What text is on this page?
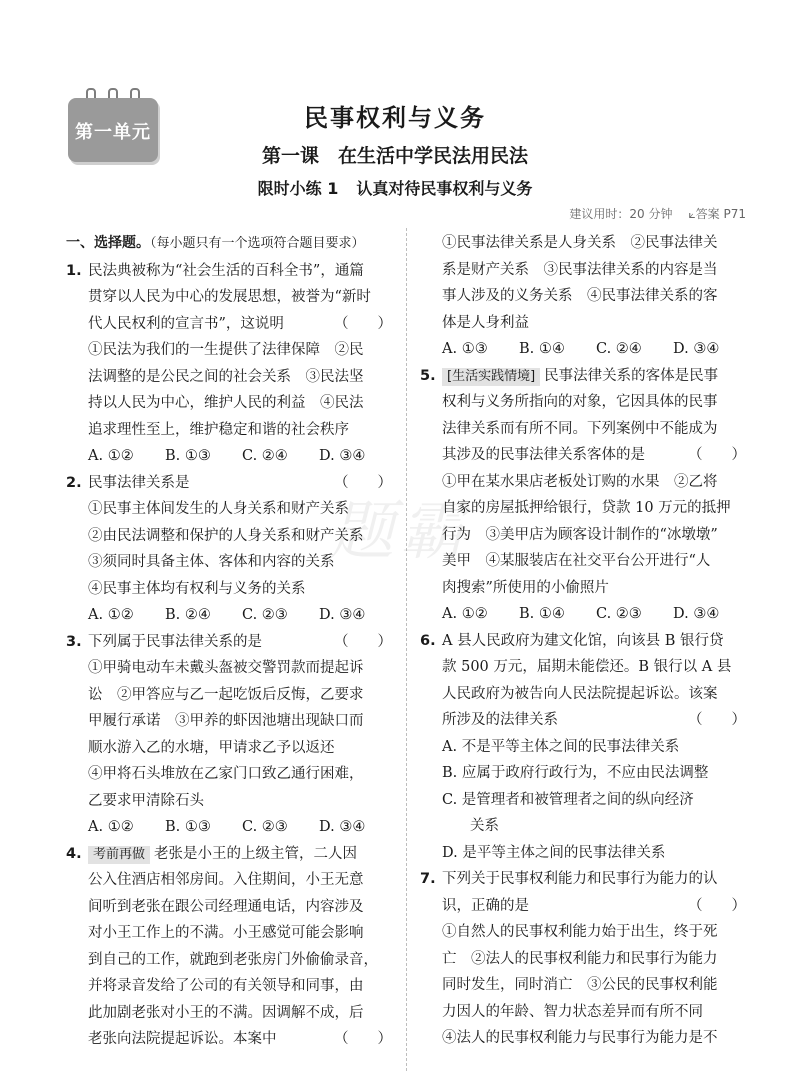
第一单元
民事权利与义务
第一课　在生活中学民法用民法
限时小练 1 认真对待民事权利与义务
建议用时：20 分钟 ⟀答案 P71
题霸
一、选择题。（每小题只有一个选项符合题目要求）
1. 民法典被称为“社会生活的百科全书”，通篇
贯穿以人民为中心的发展思想，被誉为“新时
代人民权利的宣言书”，这说明	（　　）
①民法为我们的一生提供了法律保障　②民
法调整的是公民之间的社会关系　③民法坚
持以人民为中心，维护人民的利益　④民法
追求理性至上，维护稳定和谐的社会秩序
A. ①②	B. ①③	C. ②④	D. ③④
2. 民事法律关系是	（　　）
①民事主体间发生的人身关系和财产关系
②由民法调整和保护的人身关系和财产关系
③须同时具备主体、客体和内容的关系
④民事主体均有权利与义务的关系
A. ①②	B. ②④	C. ②③	D. ③④
3. 下列属于民事法律关系的是	（　　）
①甲骑电动车未戴头盔被交警罚款而提起诉
讼　②甲答应与乙一起吃饭后反悔，乙要求
甲履行承诺　③甲养的虾因池塘出现缺口而
顺水游入乙的水塘，甲请求乙予以返还
④甲将石头堆放在乙家门口致乙通行困难，
乙要求甲清除石头
A. ①②	B. ①③	C. ②③	D. ③④
4. 考前再做 老张是小王的上级主管，二人因
公入住酒店相邻房间。入住期间，小王无意
间听到老张在跟公司经理通电话，内容涉及
对小王工作上的不满。小王感觉可能会影响
到自己的工作，就跑到老张房门外偷偷录音，
并将录音发给了公司的有关领导和同事，由
此加剧老张对小王的不满。因调解不成，后
老张向法院提起诉讼。本案中	（　　）
①民事法律关系是人身关系　②民事法律关
系是财产关系　③民事法律关系的内容是当
事人涉及的义务关系　④民事法律关系的客
体是人身利益
A. ①③	B. ①④	C. ②④	D. ③④
5. [生活实践情境] 民事法律关系的客体是民事
权利与义务所指向的对象，它因具体的民事
法律关系而有所不同。下列案例中不能成为
其涉及的民事法律关系客体的是	（　　）
①甲在某水果店老板处订购的水果　②乙将
自家的房屋抵押给银行，贷款 10 万元的抵押
行为　③美甲店为顾客设计制作的“冰墩墩”
美甲　④某服装店在社交平台公开进行“人
肉搜索”所使用的小偷照片
A. ①②	B. ①④	C. ②③	D. ③④
6. A 县人民政府为建文化馆，向该县 B 银行贷
款 500 万元，届期未能偿还。B 银行以 A 县
人民政府为被告向人民法院提起诉讼。该案
所涉及的法律关系	（　　）
A. 不是平等主体之间的民事法律关系
B. 应属于政府行政行为，不应由民法调整
C. 是管理者和被管理者之间的纵向经济
关系
D. 是平等主体之间的民事法律关系
7. 下列关于民事权利能力和民事行为能力的认
识，正确的是	（　　）
①自然人的民事权利能力始于出生，终于死
亡　②法人的民事权利能力和民事行为能力
同时发生，同时消亡　③公民的民事权利能
力因人的年龄、智力状态差异而有所不同
④法人的民事权利能力与民事行为能力是不
